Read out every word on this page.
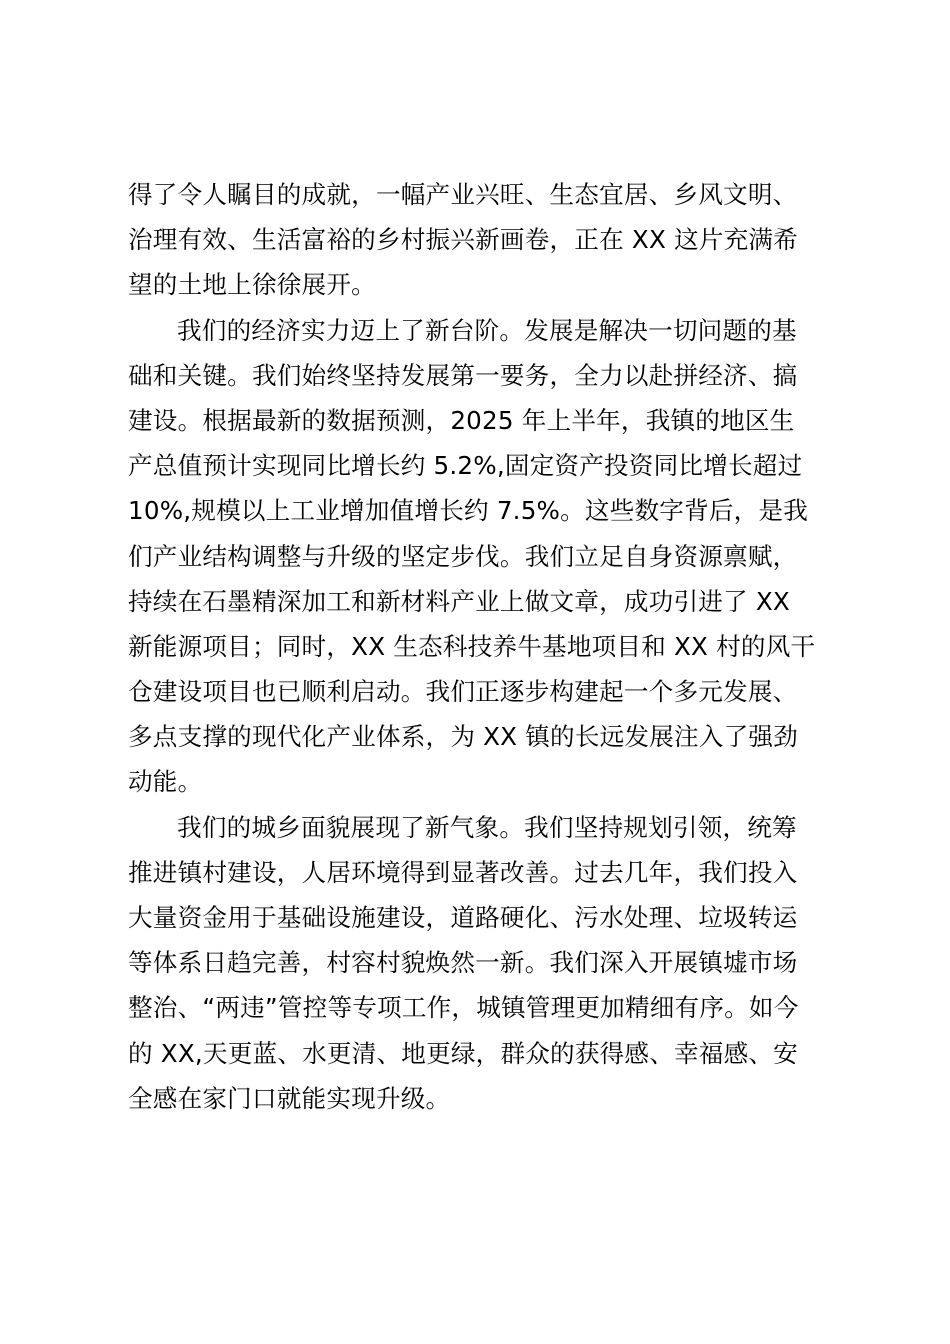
得了令人瞩目的成就，一幅产业兴旺、生态宜居、乡风文明、
治理有效、生活富裕的乡村振兴新画卷，正在 XX 这片充满希
望的土地上徐徐展开。

我们的经济实力迈上了新台阶。发展是解决一切问题的基
础和关键。我们始终坚持发展第一要务，全力以赴拼经济、搞
建设。根据最新的数据预测，2025 年上半年，我镇的地区生
产总值预计实现同比增长约 5.2%,固定资产投资同比增长超过
10%,规模以上工业增加值增长约 7.5%。这些数字背后，是我
们产业结构调整与升级的坚定步伐。我们立足自身资源禀赋，
持续在石墨精深加工和新材料产业上做文章，成功引进了 XX
新能源项目；同时，XX 生态科技养牛基地项目和 XX 村的风干
仓建设项目也已顺利启动。我们正逐步构建起一个多元发展、
多点支撑的现代化产业体系，为 XX 镇的长远发展注入了强劲
动能。

我们的城乡面貌展现了新气象。我们坚持规划引领，统筹
推进镇村建设，人居环境得到显著改善。过去几年，我们投入
大量资金用于基础设施建设，道路硬化、污水处理、垃圾转运
等体系日趋完善，村容村貌焕然一新。我们深入开展镇墟市场
整治、“两违”管控等专项工作，城镇管理更加精细有序。如今
的 XX,天更蓝、水更清、地更绿，群众的获得感、幸福感、安
全感在家门口就能实现升级。
